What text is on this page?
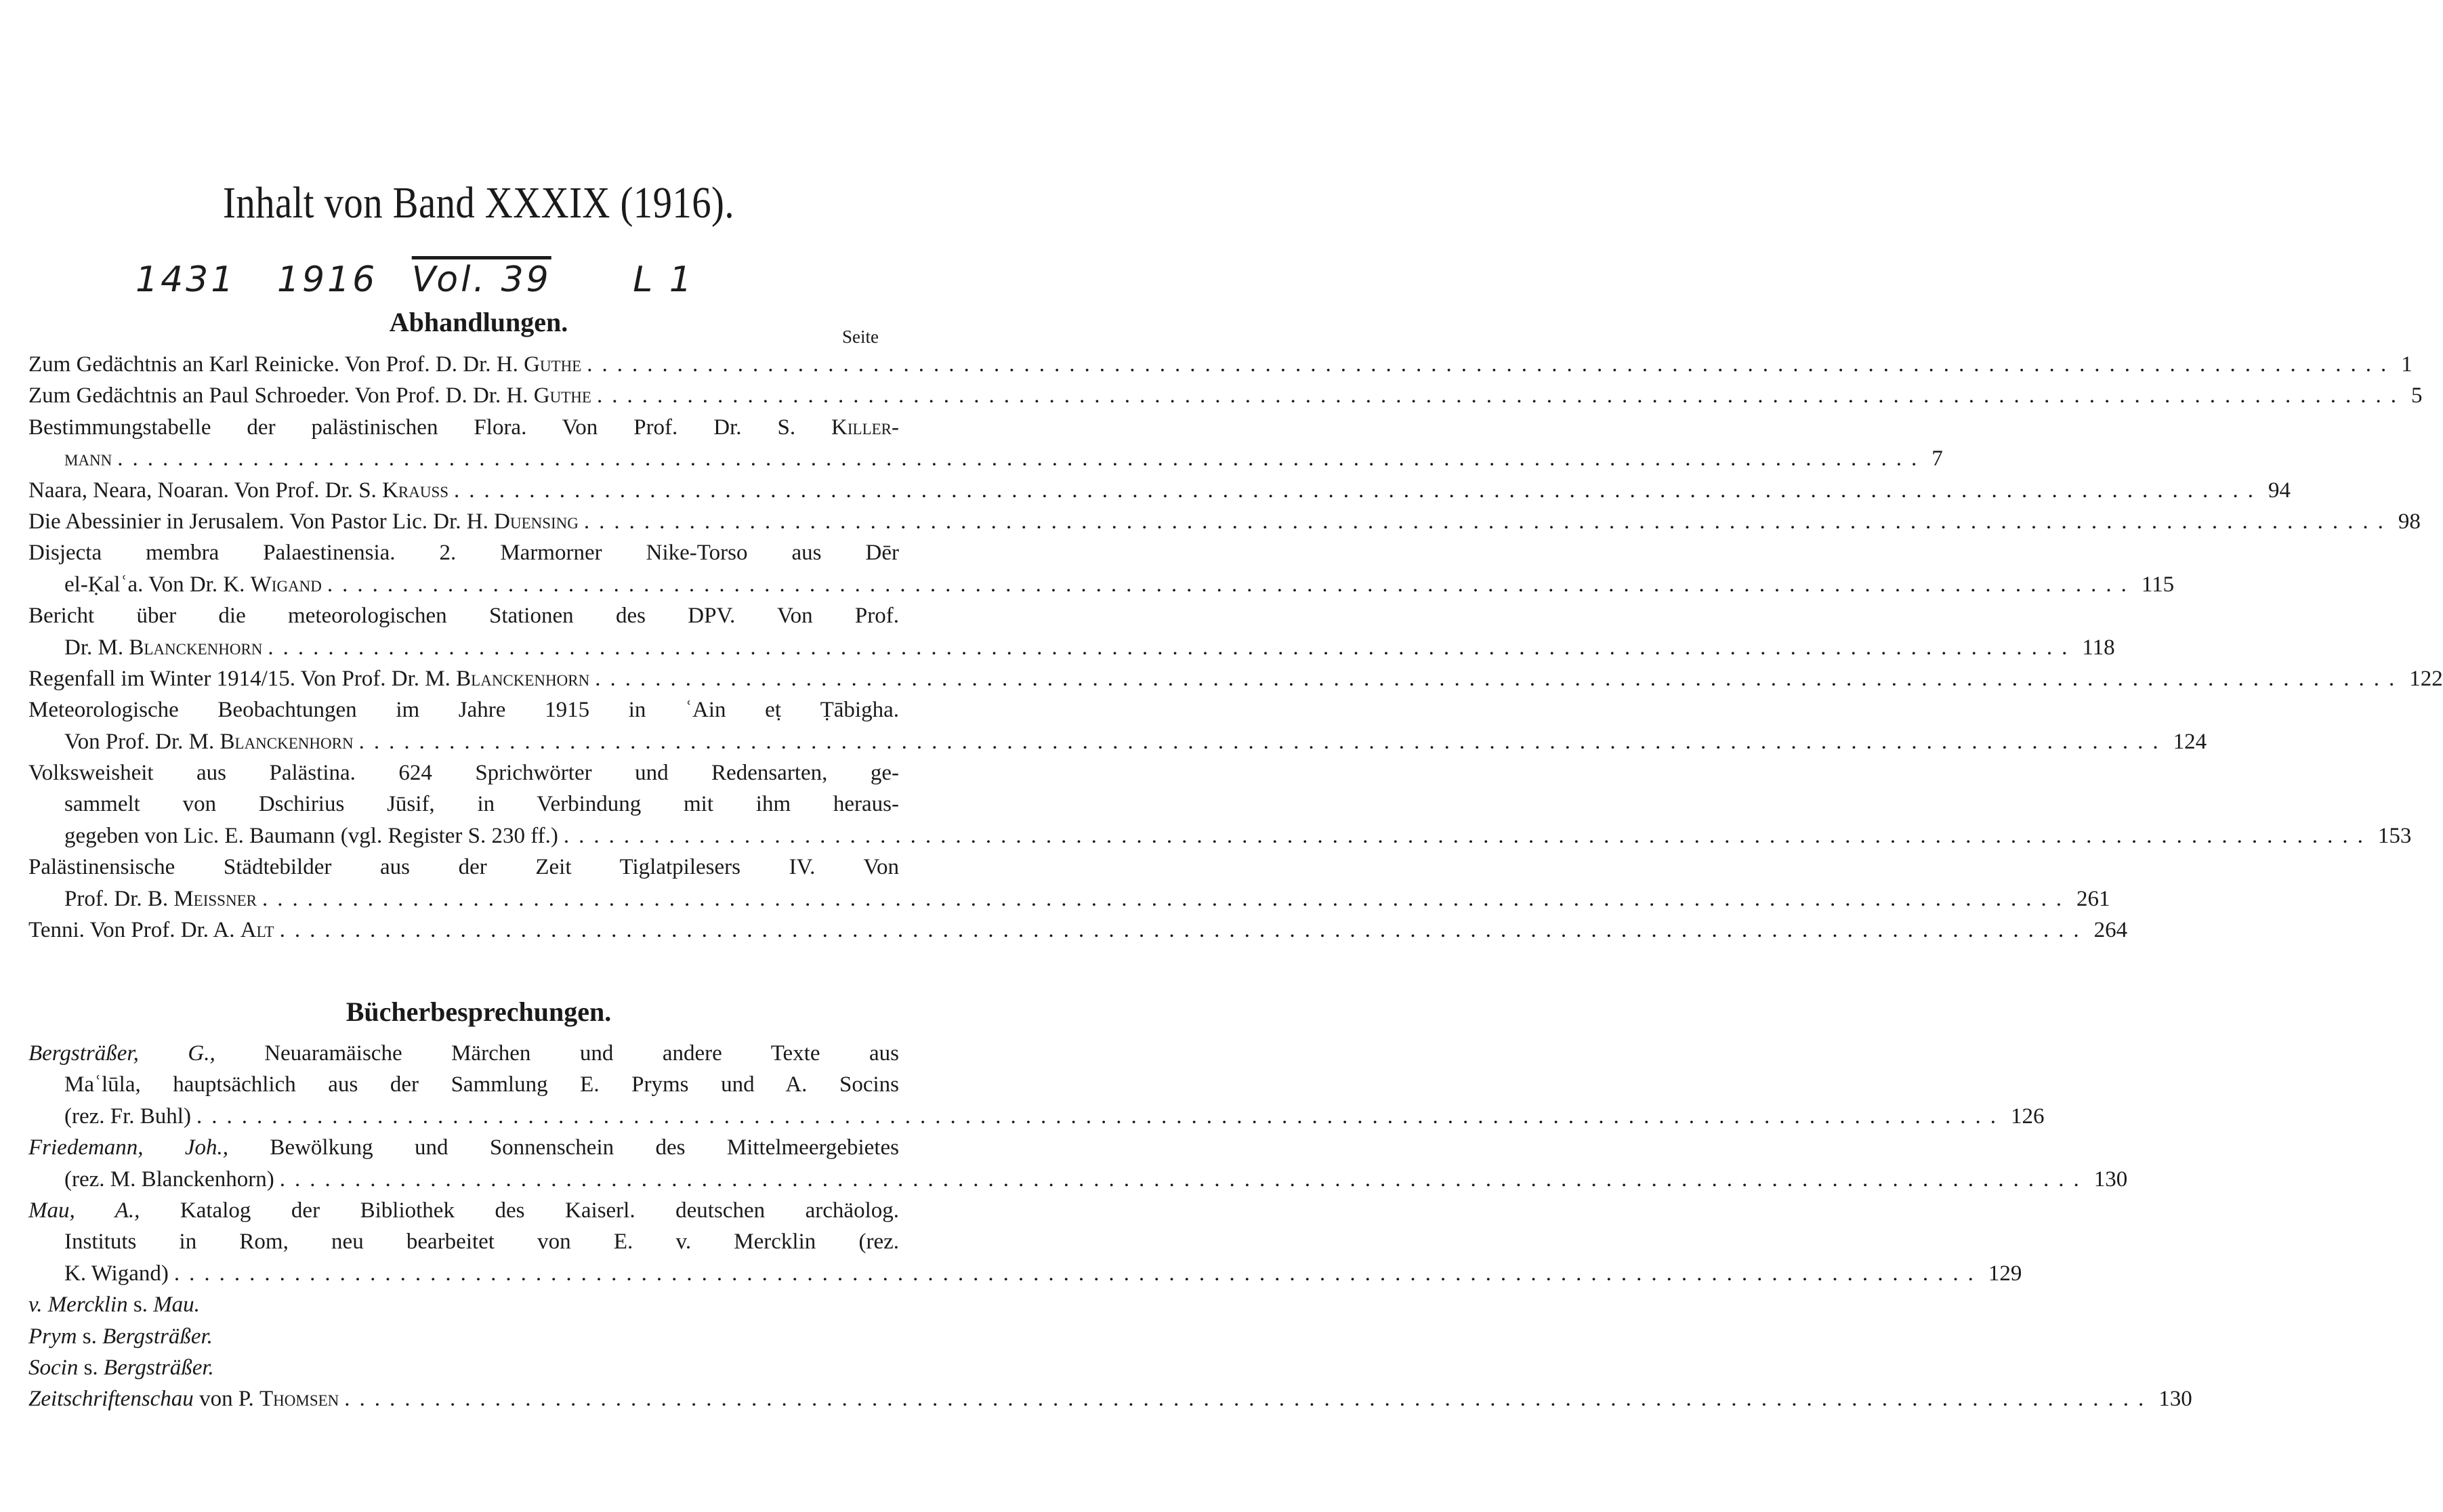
Inhalt von Band XXXIX (1916).
1431 1916 Vol. 39 L 1
Abhandlungen.	Seite
Zum Gedächtnis an Karl Reinicke. Von Prof. D. Dr. H. Guthe ........................................................................................................................ 1
Zum Gedächtnis an Paul Schroeder. Von Prof. D. Dr. H. Guthe ........................................................................................................................ 5
Bestimmungstabelle der palästinischen Flora. Von Prof. Dr. S. Killer-
mann ........................................................................................................................ 7
Naara, Neara, Noaran. Von Prof. Dr. S. Krauss ........................................................................................................................ 94
Die Abessinier in Jerusalem. Von Pastor Lic. Dr. H. Duensing ........................................................................................................................ 98
Disjecta membra Palaestinensia. 2. Marmorner Nike-Torso aus Dēr
el-Ḳalʿa. Von Dr. K. Wigand ........................................................................................................................ 115
Bericht über die meteorologischen Stationen des DPV. Von Prof.
Dr. M. Blanckenhorn ........................................................................................................................ 118
Regenfall im Winter 1914/15. Von Prof. Dr. M. Blanckenhorn ........................................................................................................................ 122
Meteorologische Beobachtungen im Jahre 1915 in ʿAin eṭ Ṭābigha.
Von Prof. Dr. M. Blanckenhorn ........................................................................................................................ 124
Volksweisheit aus Palästina. 624 Sprichwörter und Redensarten, ge-
sammelt von Dschirius Jūsif, in Verbindung mit ihm heraus-
gegeben von Lic. E. Baumann (vgl. Register S. 230 ff.) ........................................................................................................................ 153
Palästinensische Städtebilder aus der Zeit Tiglatpilesers IV. Von
Prof. Dr. B. Meissner ........................................................................................................................ 261
Tenni. Von Prof. Dr. A. Alt ........................................................................................................................ 264
Bücherbesprechungen.
Bergsträßer, G., Neuaramäische Märchen und andere Texte aus
Maʿlūla, hauptsächlich aus der Sammlung E. Pryms und A. Socins
(rez. Fr. Buhl) ........................................................................................................................ 126
Friedemann, Joh., Bewölkung und Sonnenschein des Mittelmeergebietes
(rez. M. Blanckenhorn) ........................................................................................................................ 130
Mau, A., Katalog der Bibliothek des Kaiserl. deutschen archäolog.
Instituts in Rom, neu bearbeitet von E. v. Mercklin (rez.
K. Wigand) ........................................................................................................................ 129
v. Mercklin s. Mau.
Prym s. Bergsträßer.
Socin s. Bergsträßer.
Zeitschriftenschau von P. Thomsen ........................................................................................................................ 130
